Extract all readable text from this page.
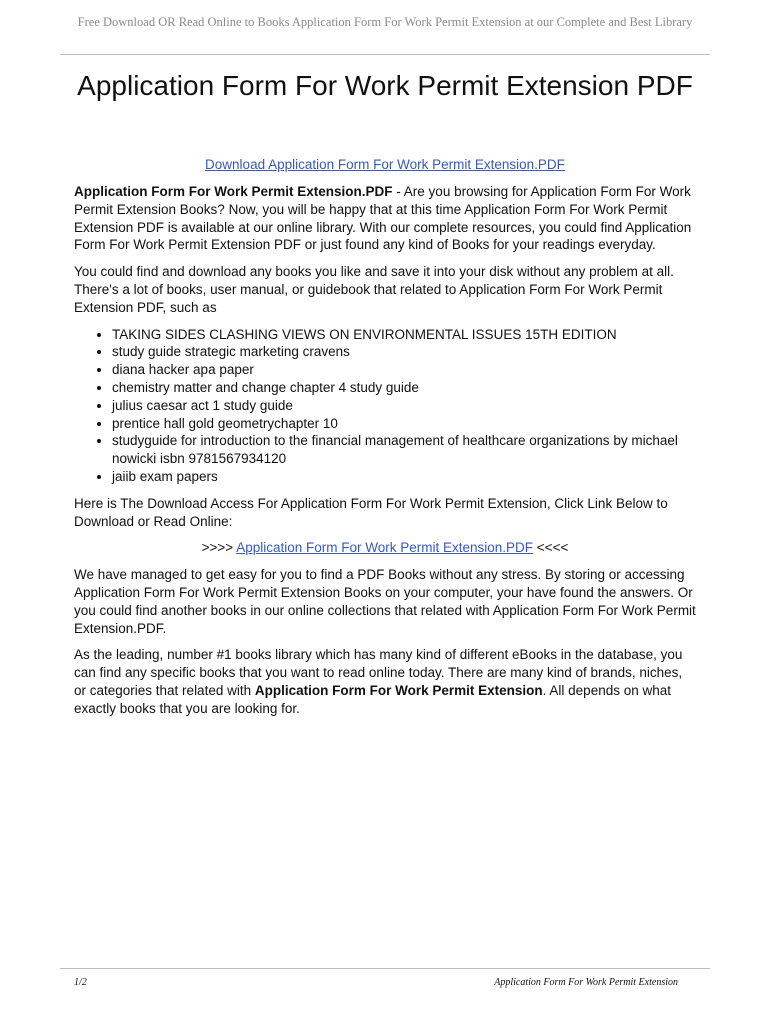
Free Download OR Read Online to Books Application Form For Work Permit Extension at our Complete and Best Library
Application Form For Work Permit Extension PDF
Download Application Form For Work Permit Extension.PDF

Application Form For Work Permit Extension.PDF - Are you browsing for Application Form For Work Permit Extension Books? Now, you will be happy that at this time Application Form For Work Permit Extension PDF is available at our online library. With our complete resources, you could find Application Form For Work Permit Extension PDF or just found any kind of Books for your readings everyday.

You could find and download any books you like and save it into your disk without any problem at all. There's a lot of books, user manual, or guidebook that related to Application Form For Work Permit Extension PDF, such as

• TAKING SIDES CLASHING VIEWS ON ENVIRONMENTAL ISSUES 15TH EDITION
• study guide strategic marketing cravens
• diana hacker apa paper
• chemistry matter and change chapter 4 study guide
• julius caesar act 1 study guide
• prentice hall gold geometrychapter 10
• studyguide for introduction to the financial management of healthcare organizations by michael nowicki isbn 9781567934120
• jaiib exam papers

Here is The Download Access For Application Form For Work Permit Extension, Click Link Below to Download or Read Online:

>>>> Application Form For Work Permit Extension.PDF <<<<

We have managed to get easy for you to find a PDF Books without any stress. By storing or accessing Application Form For Work Permit Extension Books on your computer, your have found the answers. Or you could find another books in our online collections that related with Application Form For Work Permit Extension.PDF.

As the leading, number #1 books library which has many kind of different eBooks in the database, you can find any specific books that you want to read online today. There are many kind of brands, niches, or categories that related with Application Form For Work Permit Extension. All depends on what exactly books that you are looking for.

1/2	Application Form For Work Permit Extension
